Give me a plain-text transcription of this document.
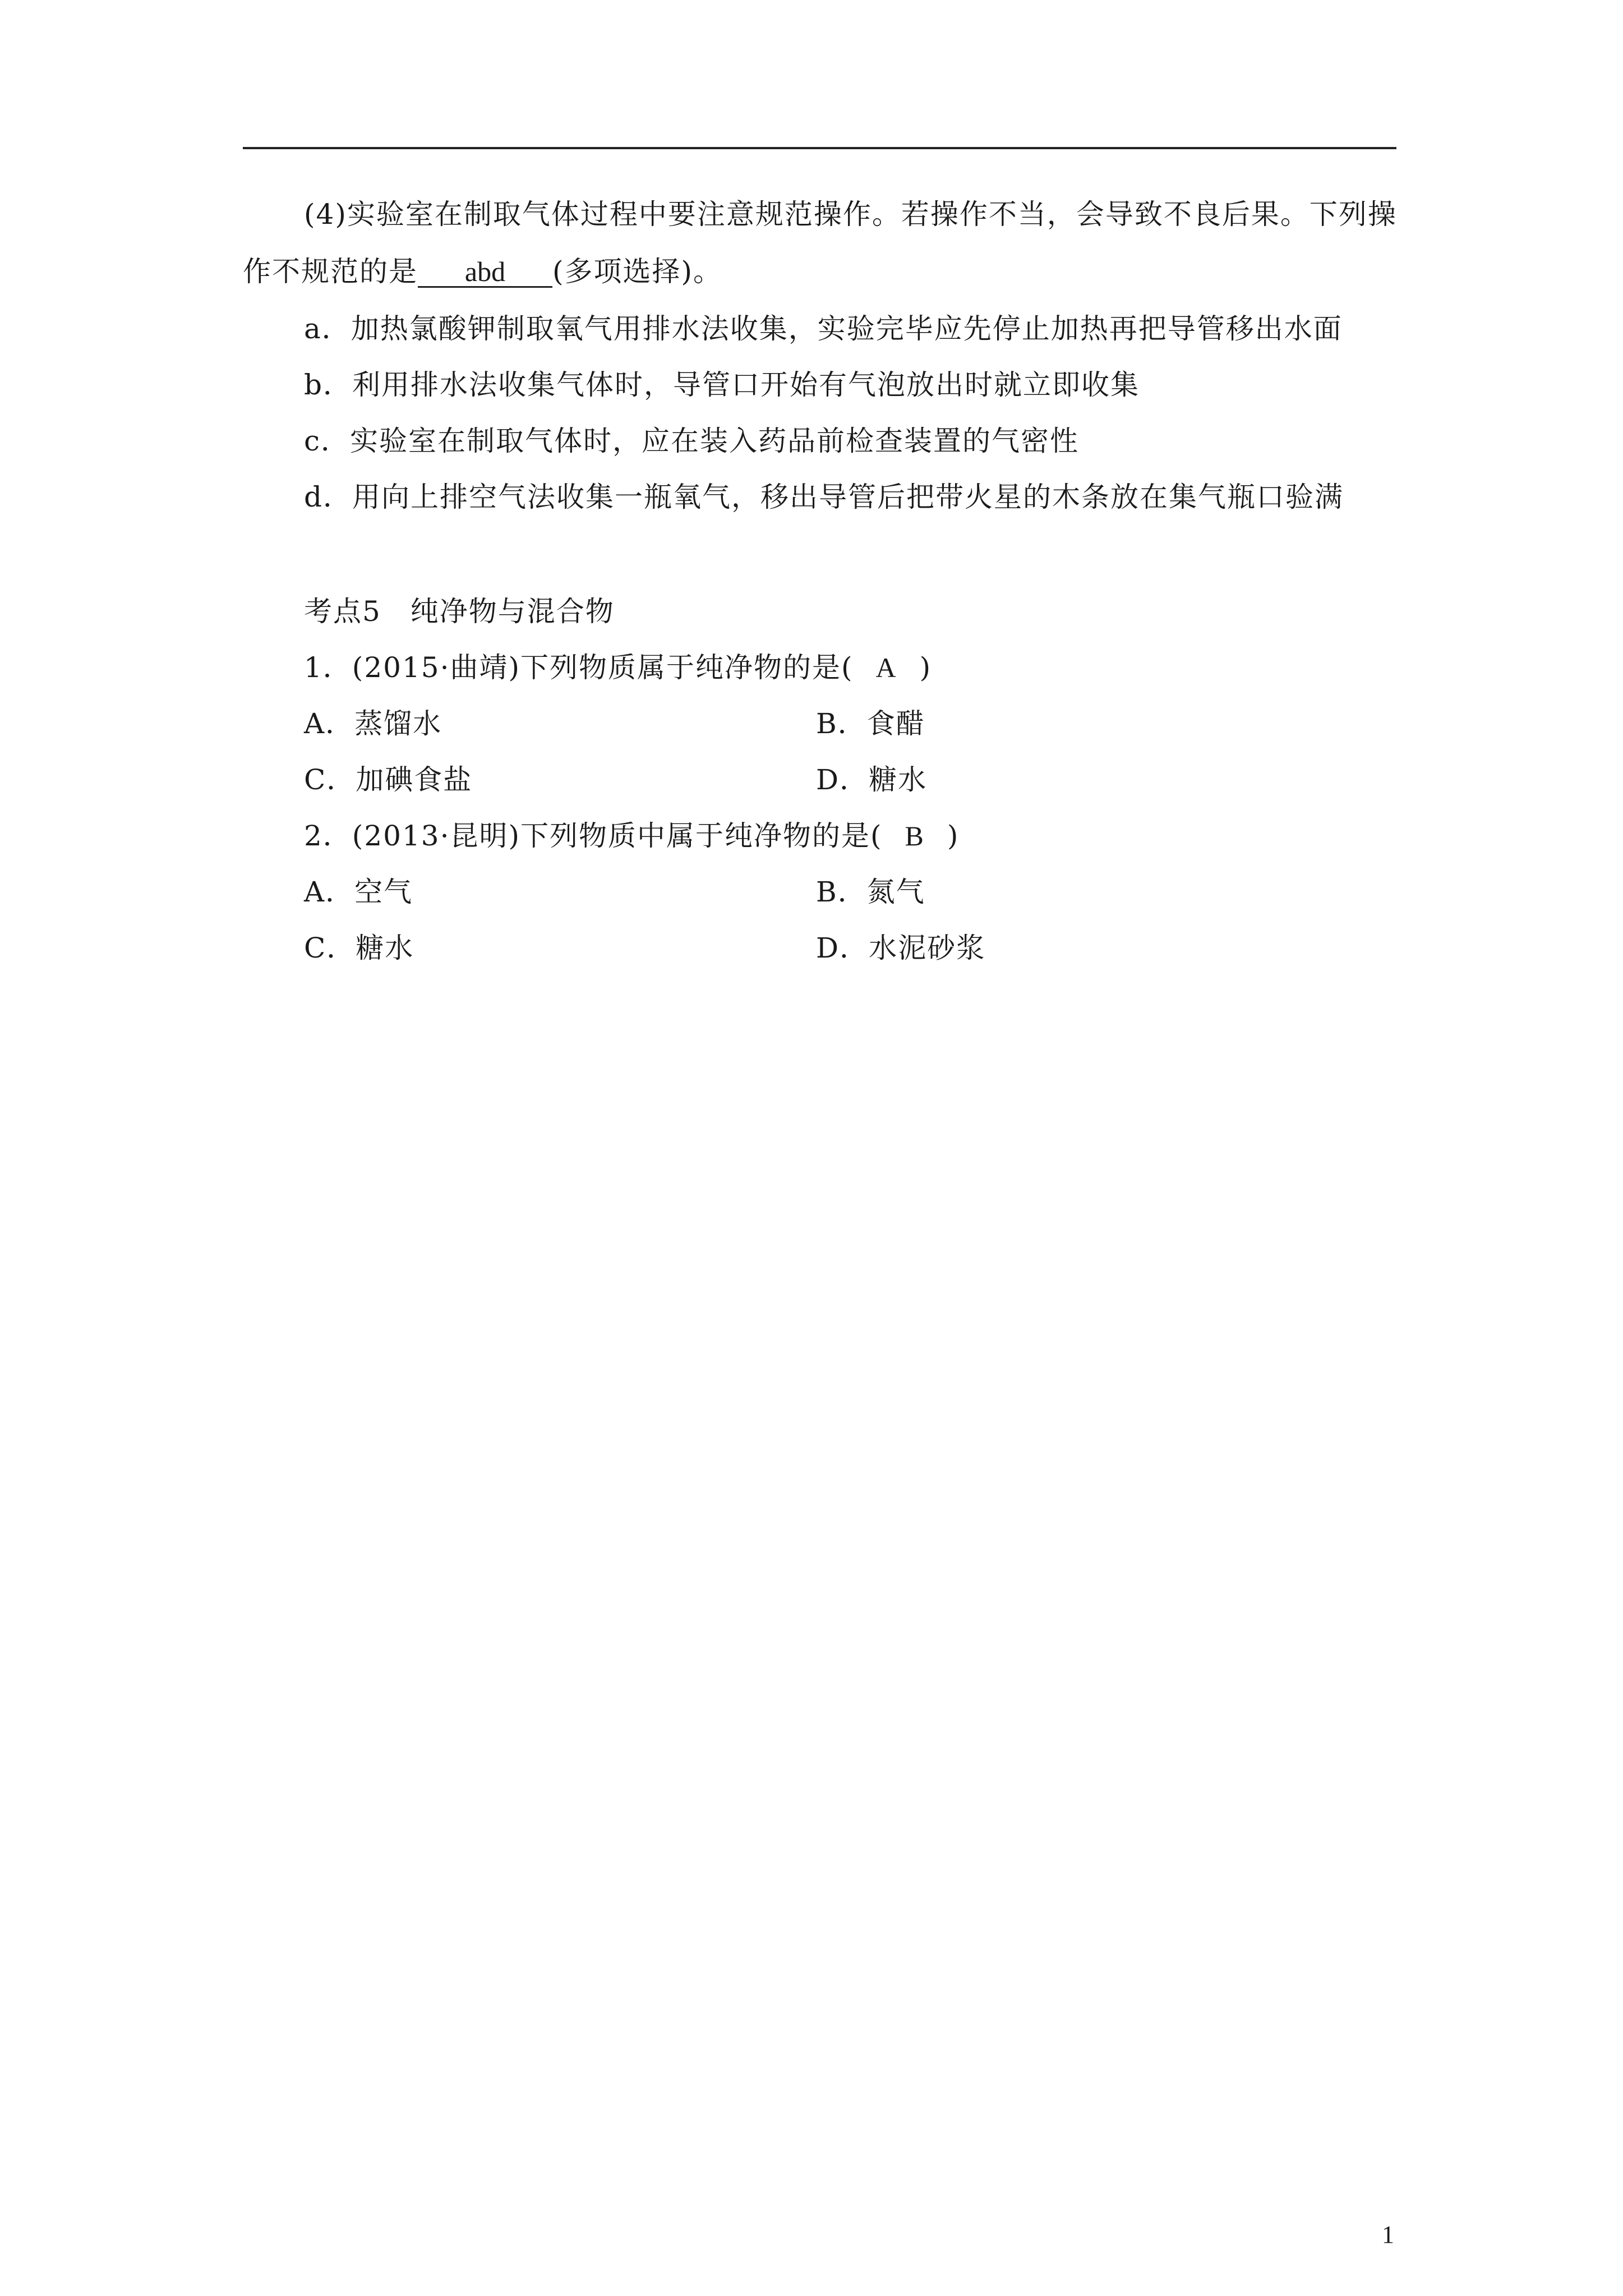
(4)实验室在制取气体过程中要注意规范操作。若操作不当，会导致不良后果。下列操
作不规范的是 abd (多项选择)。
a．加热氯酸钾制取氧气用排水法收集，实验完毕应先停止加热再把导管移出水面
b．利用排水法收集气体时，导管口开始有气泡放出时就立即收集
c．实验室在制取气体时，应在装入药品前检查装置的气密性
d．用向上排空气法收集一瓶氧气，移出导管后把带火星的木条放在集气瓶口验满
考点5　纯净物与混合物
1．(2015·曲靖)下列物质属于纯净物的是( A )
A．蒸馏水	B．食醋
C．加碘食盐	D．糖水
2．(2013·昆明)下列物质中属于纯净物的是( B )
A．空气	B．氮气
C．糖水	D．水泥砂浆
1
